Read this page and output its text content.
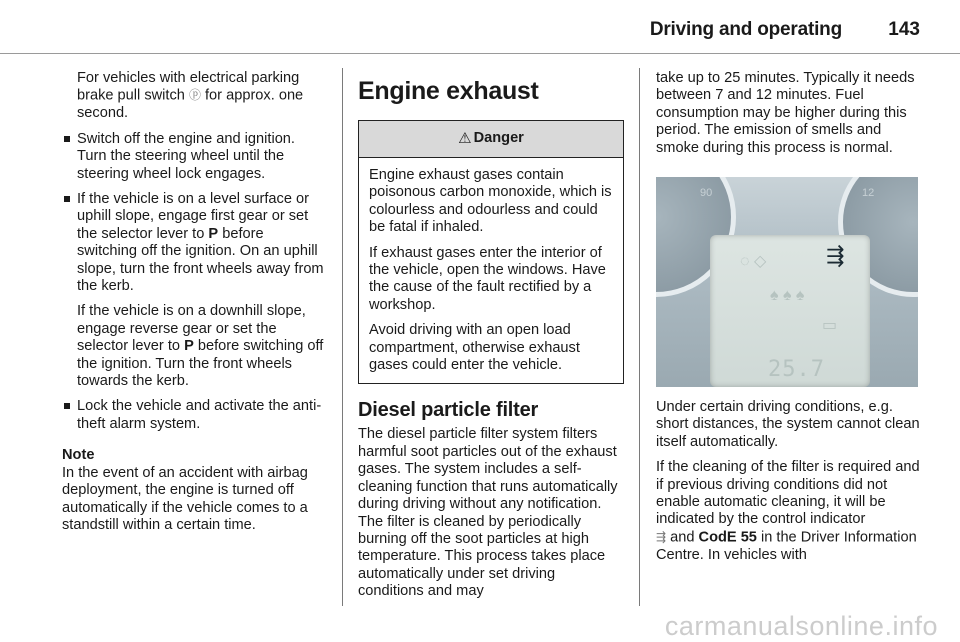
Driving and operating 143

For vehicles with electrical parking brake pull switch ⓟ for approx. one second.

Switch off the engine and ignition. Turn the steering wheel until the steering wheel lock engages.

If the vehicle is on a level surface or uphill slope, engage first gear or set the selector lever to P before switching off the ignition. On an uphill slope, turn the front wheels away from the kerb.

If the vehicle is on a downhill slope, engage reverse gear or set the selector lever to P before switching off the ignition. Turn the front wheels towards the kerb.

Lock the vehicle and activate the anti-theft alarm system.

Note

In the event of an accident with airbag deployment, the engine is turned off automatically if the vehicle comes to a standstill within a certain time.

Engine exhaust
⚠ Danger

Engine exhaust gases contain poisonous carbon monoxide, which is colourless and odourless and could be fatal if inhaled.

If exhaust gases enter the interior of the vehicle, open the windows. Have the cause of the fault rectified by a workshop.

Avoid driving with an open load compartment, otherwise exhaust gases could enter the vehicle.

Diesel particle filter

The diesel particle filter system filters harmful soot particles out of the exhaust gases. The system includes a self-cleaning function that runs automatically during driving without any notification. The filter is cleaned by periodically burning off the soot particles at high temperature. This process takes place automatically under set driving conditions and may

take up to 25 minutes. Typically it needs between 7 and 12 minutes. Fuel consumption may be higher during this period. The emission of smells and smoke during this process is normal.

90	12
⇶
◌ ◇
♠ ♠ ♠
▭
25.7

Under certain driving conditions, e.g. short distances, the system cannot clean itself automatically.

If the cleaning of the filter is required and if previous driving conditions did not enable automatic cleaning, it will be indicated by the control indicator
⇶ and CodE 55 in the Driver Information Centre. In vehicles with

carmanualsonline.info
